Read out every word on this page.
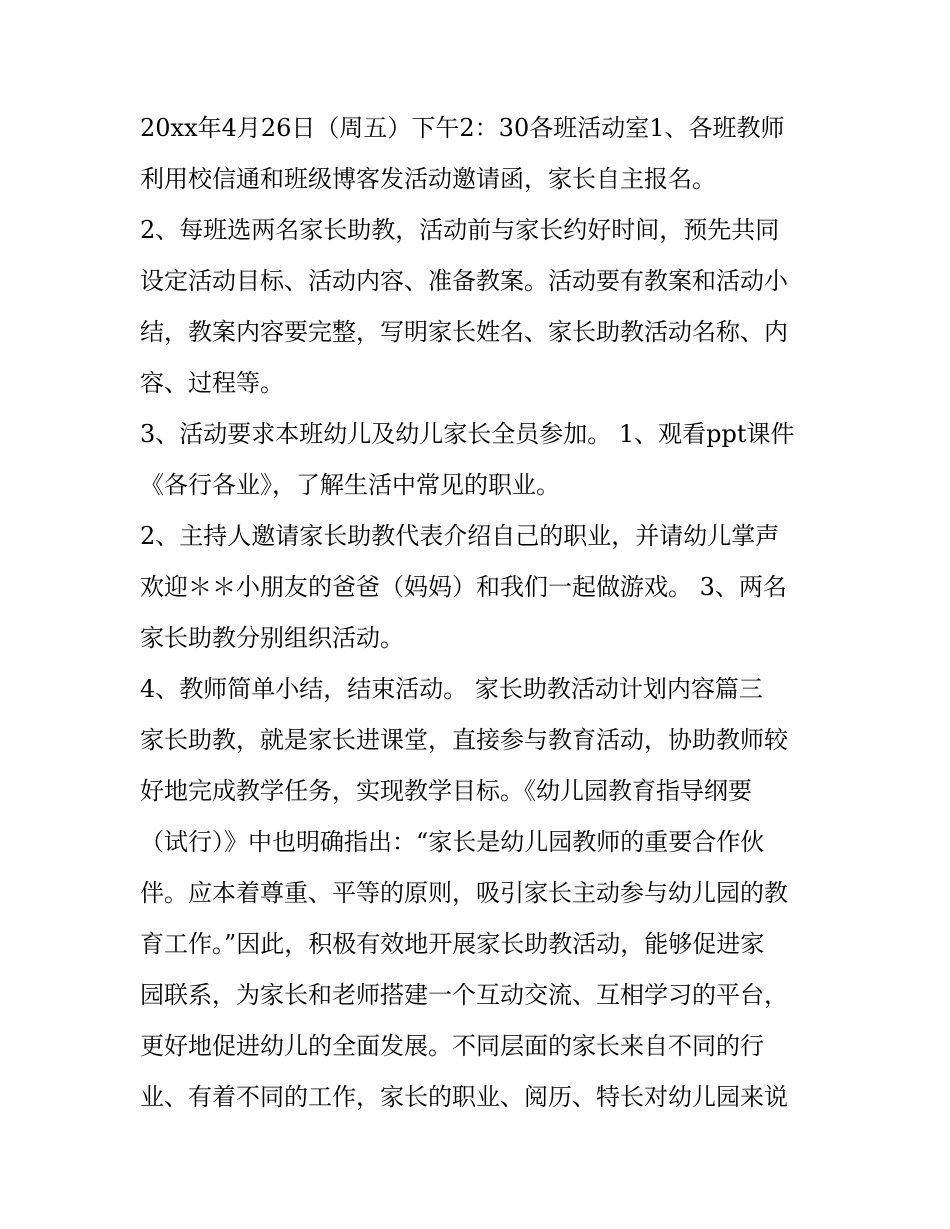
20xx年4月26日（周五）下午2：30各班活动室1、各班教师
利用校信通和班级博客发活动邀请函，家长自主报名。
2、每班选两名家长助教，活动前与家长约好时间，预先共同
设定活动目标、活动内容、准备教案。活动要有教案和活动小
结，教案内容要完整，写明家长姓名、家长助教活动名称、内
容、过程等。
3、活动要求本班幼儿及幼儿家长全员参加。 1、观看ppt课件
《各行各业》，了解生活中常见的职业。
2、主持人邀请家长助教代表介绍自己的职业，并请幼儿掌声
欢迎＊＊小朋友的爸爸（妈妈）和我们一起做游戏。 3、两名
家长助教分别组织活动。
4、教师简单小结，结束活动。 家长助教活动计划内容篇三
家长助教，就是家长进课堂，直接参与教育活动，协助教师较
好地完成教学任务，实现教学目标。《幼儿园教育指导纲要
（试行）》中也明确指出：“家长是幼儿园教师的重要合作伙
伴。应本着尊重、平等的原则，吸引家长主动参与幼儿园的教
育工作。”因此，积极有效地开展家长助教活动，能够促进家
园联系，为家长和老师搭建一个互动交流、互相学习的平台，
更好地促进幼儿的全面发展。不同层面的家长来自不同的行
业、有着不同的工作，家长的职业、阅历、特长对幼儿园来说
